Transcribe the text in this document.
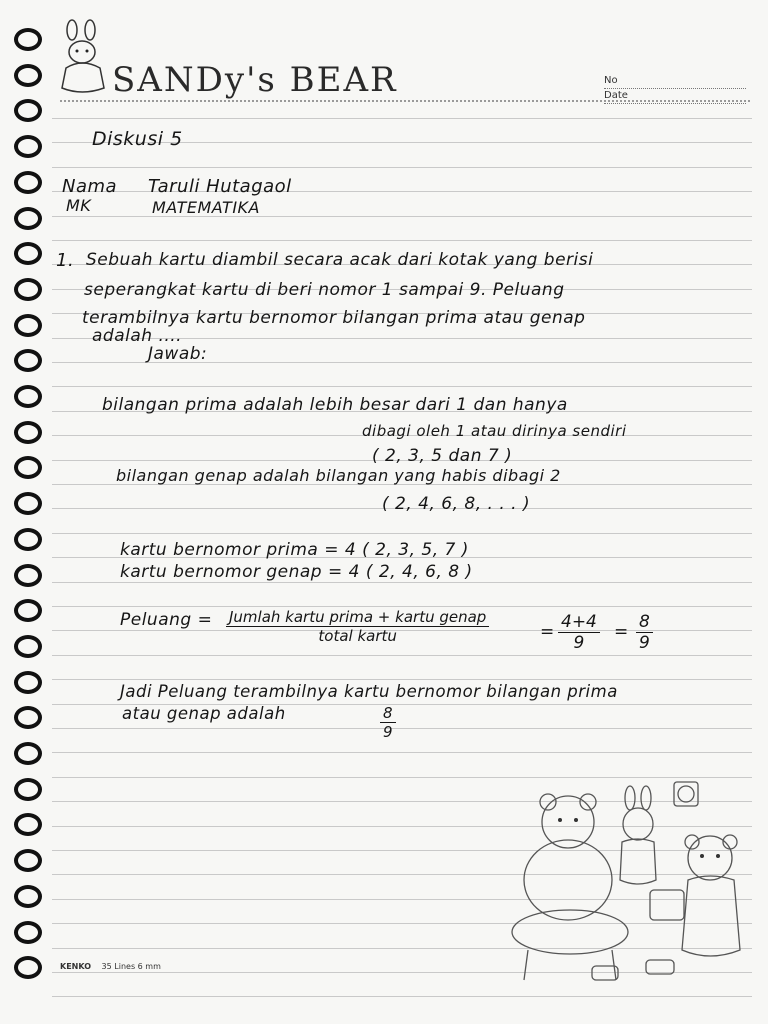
SANDy's BEAR	No
Date
Diskusi 5
Nama Taruli Hutagaol
MK	MATEMATIKA
1. Sebuah kartu diambil secara acak dari kotak yang berisi
seperangkat kartu di beri nomor 1 sampai 9. Peluang
terambilnya kartu bernomor bilangan prima atau genap
adalah ....
Jawab:
bilangan prima adalah lebih besar dari 1 dan hanya
dibagi oleh 1 atau dirinya sendiri
( 2, 3, 5 dan 7 )
bilangan genap adalah bilangan yang habis dibagi 2
( 2, 4, 6, 8, . . . )
kartu bernomor prima = 4 ( 2, 3, 5, 7 )
kartu bernomor genap = 4 ( 2, 4, 6, 8 )
Peluang = Jumlah kartu prima + kartu genap
total kartu	= $\frac{4+4}{9} = \frac{8}{9}$
Jadi Peluang terambilnya kartu bernomor bilangan prima
atau genap adalah	$\frac{8}{9}$
KENKO 35 Lines 6 mm
